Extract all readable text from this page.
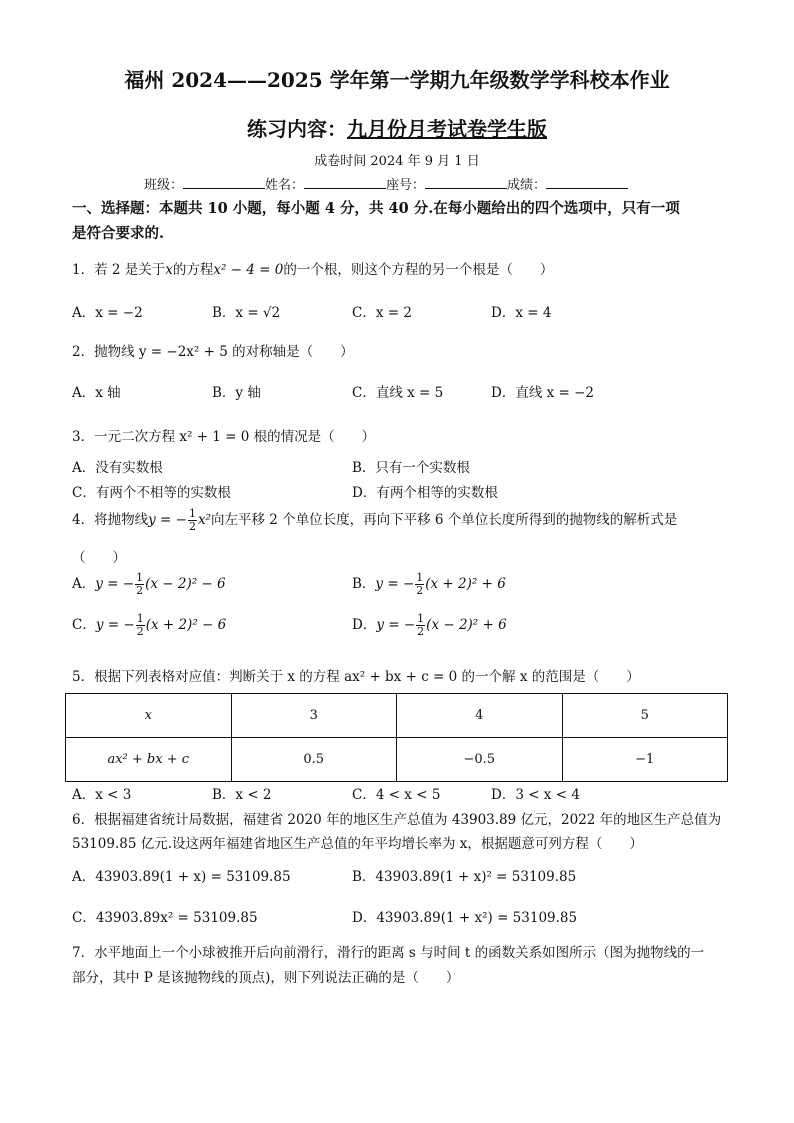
福州 2024——2025 学年第一学期九年级数学学科校本作业
练习内容：九月份月考试卷学生版
成卷时间 2024 年 9 月 1 日
班级：	姓名：	座号：	成绩：
一、选择题：本题共 10 小题，每小题 4 分，共 40 分.在每小题给出的四个选项中，只有一项
是符合要求的.
1．若 2 是关于x的方程x² − 4 = 0的一个根，则这个方程的另一个根是（　　）
A．x = −2	B．x = √2	C．x = 2	D．x = 4
2．抛物线 y = −2x² + 5 的对称轴是（　　）
A．x 轴	B．y 轴	C．直线 x = 5	D．直线 x = −2
3．一元二次方程 x² + 1 = 0 根的情况是（　　）
A．没有实数根	B．只有一个实数根
C．有两个不相等的实数根	D．有两个相等的实数根
4．将抛物线y = − $\frac{1}{2} x^2$向左平移 2 个单位长度，再向下平移 6 个单位长度所得到的抛物线的解析式是
（　　）
A．y = − $\frac{1}{2} (x - 2)^2 - 6$	B．y = − $\frac{1}{2} (x + 2)^2 + 6$
C．y = − $\frac{1}{2} (x + 2)^2 - 6$	D．y = − $\frac{1}{2} (x - 2)^2 + 6$
5．根据下列表格对应值：判断关于 x 的方程 ax² + bx + c = 0 的一个解 x 的范围是（　　）
x	3	4	5
ax² + bx + c	0.5	−0.5	−1
A．x < 3	B．x < 2	C．4 < x < 5	D．3 < x < 4
6．根据福建省统计局数据，福建省 2020 年的地区生产总值为 43903.89 亿元，2022 年的地区生产总值为
53109.85 亿元.设这两年福建省地区生产总值的年平均增长率为 x，根据题意可列方程（　　）
A．43903.89(1 + x) = 53109.85	B．43903.89(1 + x)² = 53109.85
C．43903.89x² = 53109.85	D．43903.89(1 + x²) = 53109.85
7．水平地面上一个小球被推开后向前滑行，滑行的距离 s 与时间 t 的函数关系如图所示（图为抛物线的一
部分，其中 P 是该抛物线的顶点)，则下列说法正确的是（　　）
